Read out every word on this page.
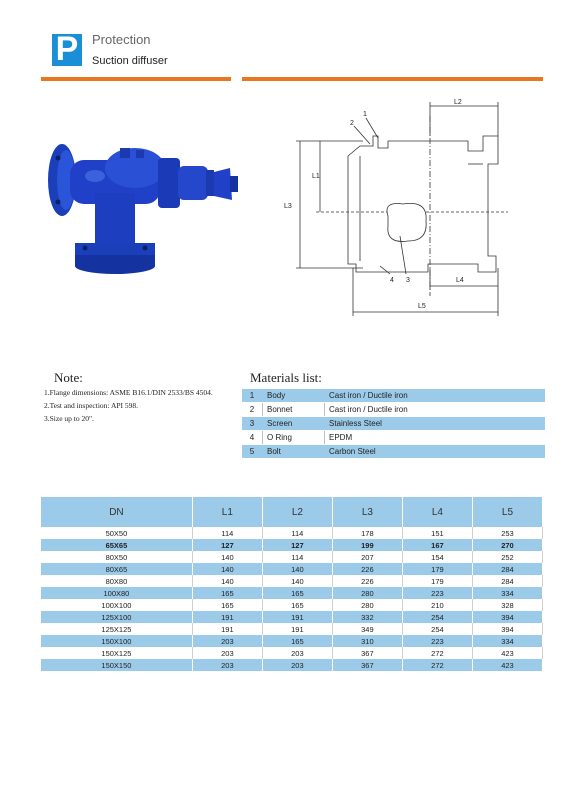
P Protection
Suction diffuser
L2
L1
L3
L4
L5
1
2
3
4
Note:
1.Flange dimensions: ASME B16.1/DIN 2533/BS 4504.
2.Test and inspection: API 598.
3.Size up to 20".
Materials list:
1	Body	Cast iron / Ductile iron
2	Bonnet	Cast iron / Ductile iron
3	Screen	Stainless Steel
4	O Ring	EPDM
5	Bolt	Carbon Steel
DN	L1	L2	L3	L4	L5
50X50	114	114	178	151	253
65X65	127	127	199	167	270
80X50	140	114	207	154	252
80X65	140	140	226	179	284
80X80	140	140	226	179	284
100X80	165	165	280	223	334
100X100	165	165	280	210	328
125X100	191	191	332	254	394
125X125	191	191	349	254	394
150X100	203	165	310	223	334
150X125	203	203	367	272	423
150X150	203	203	367	272	423
